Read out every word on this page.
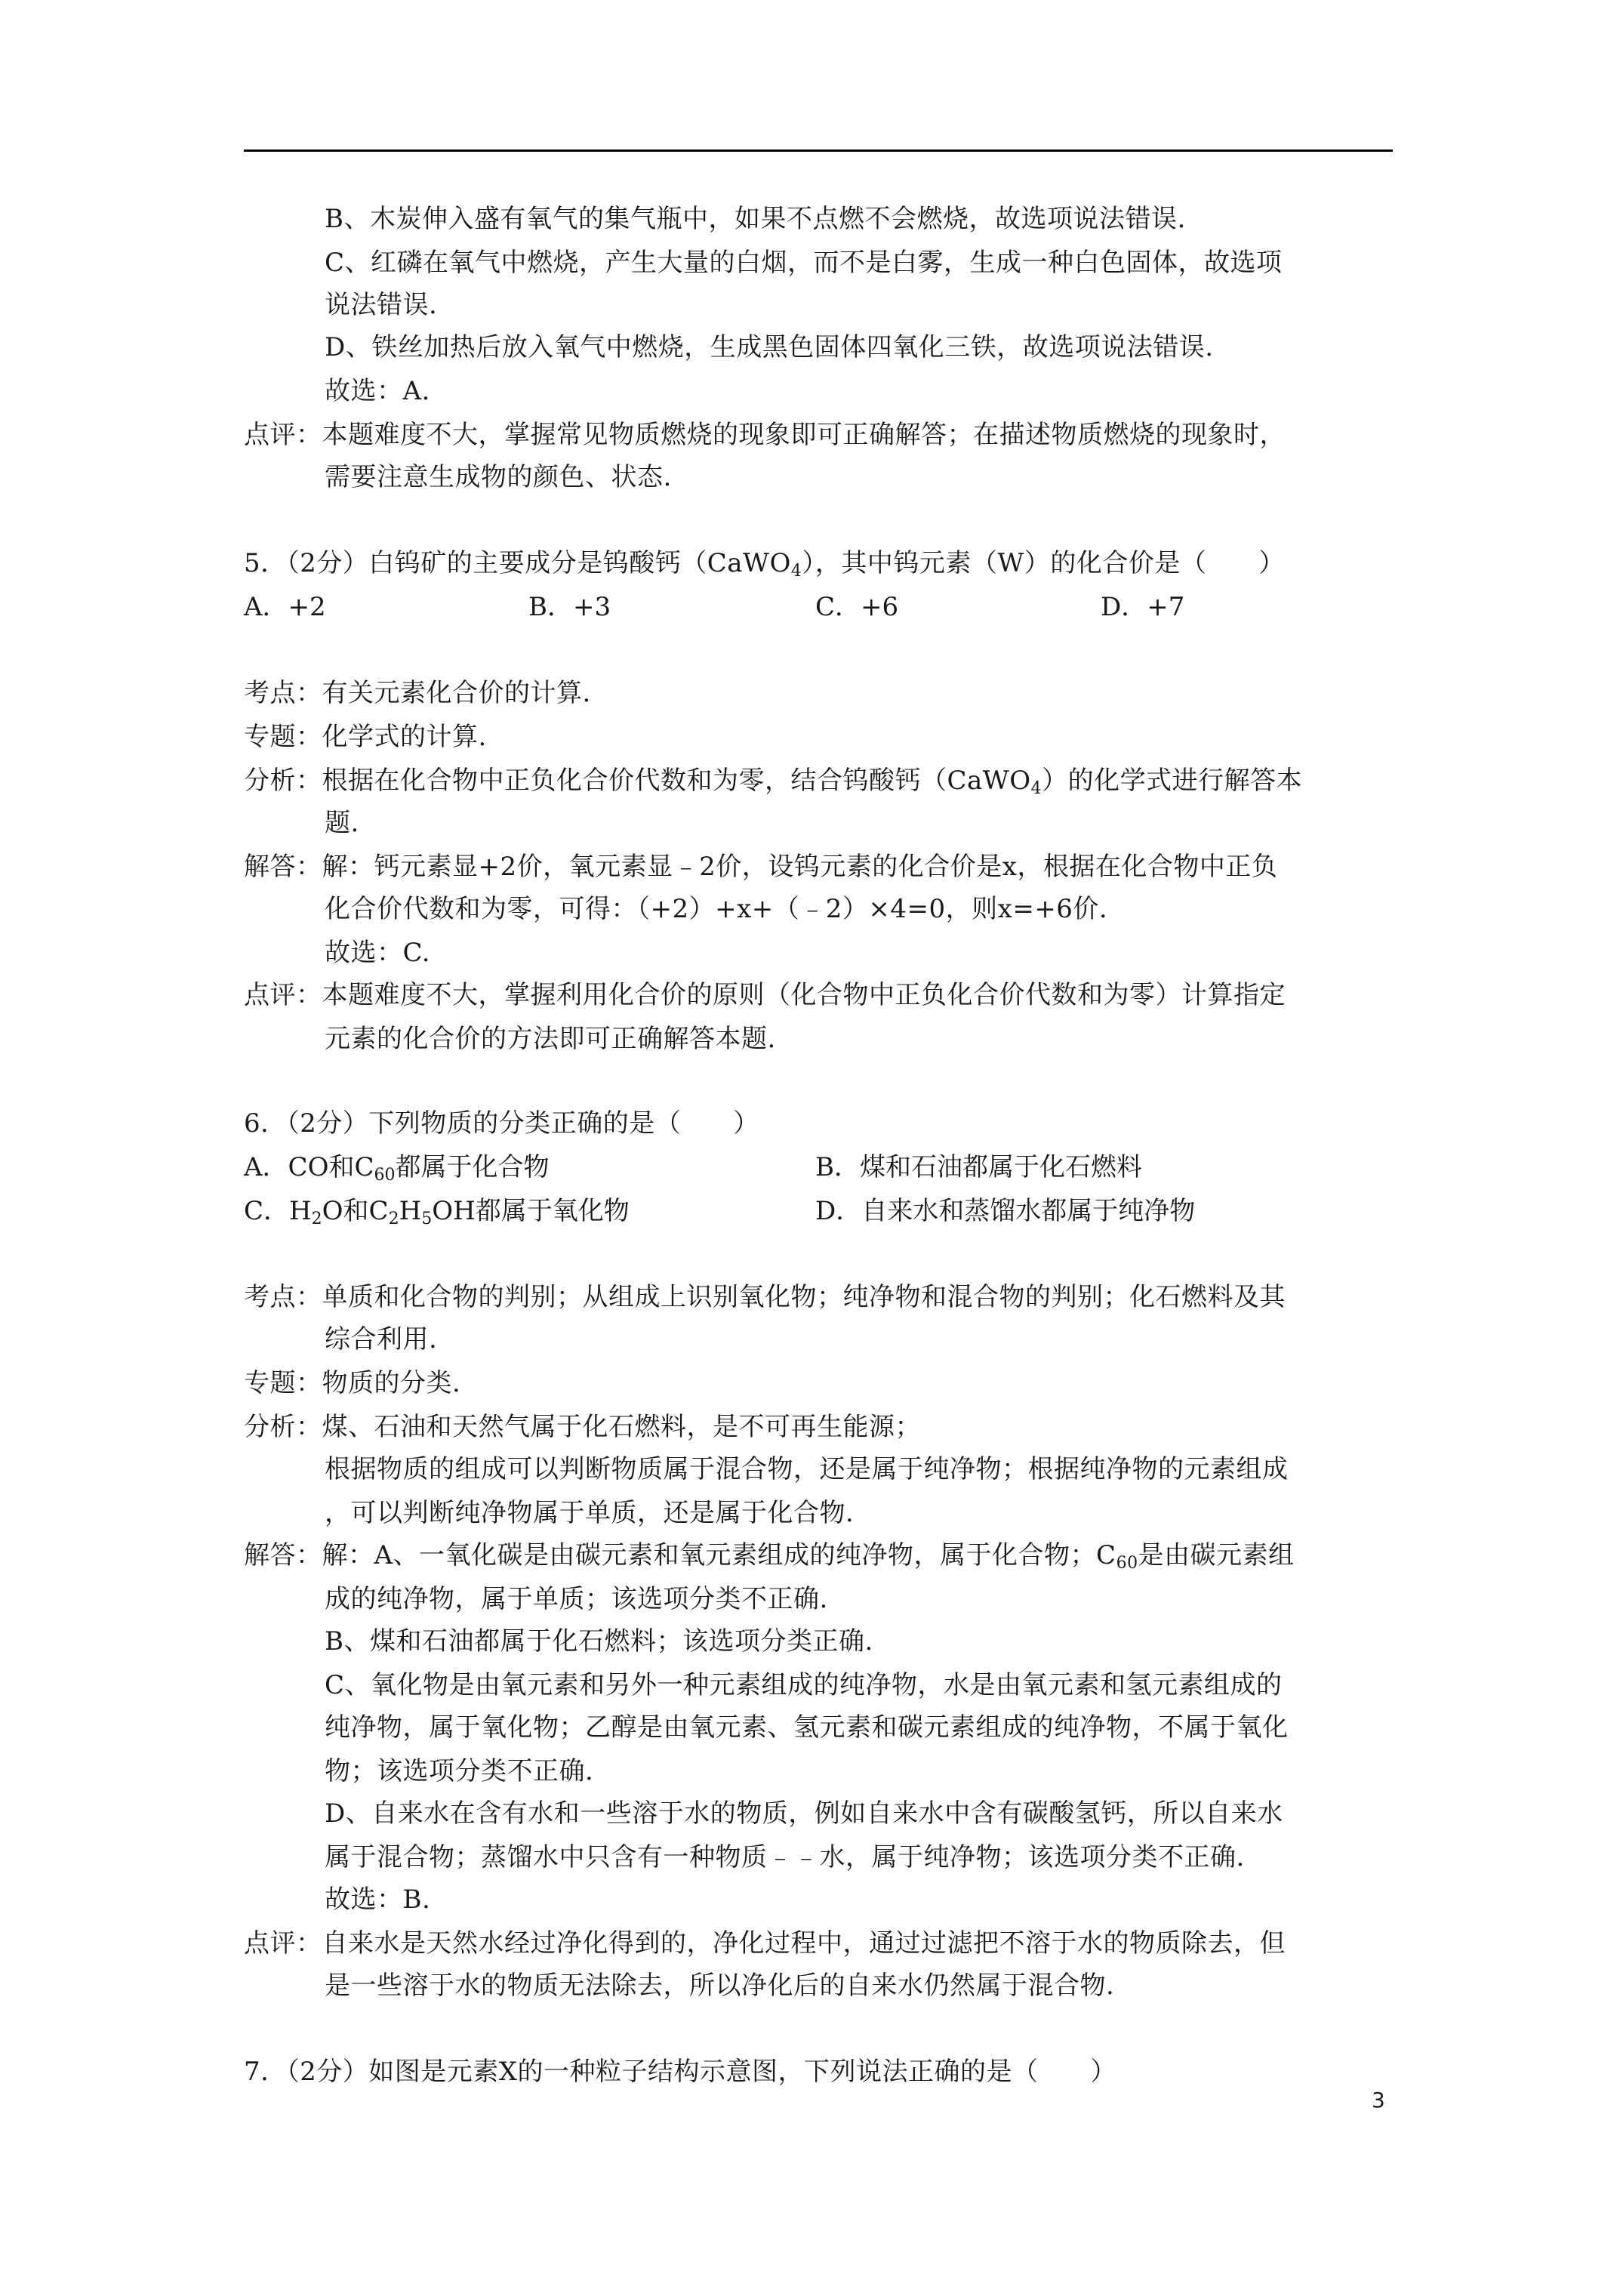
B、木炭伸入盛有氧气的集气瓶中，如果不点燃不会燃烧，故选项说法错误.
C、红磷在氧气中燃烧，产生大量的白烟，而不是白雾，生成一种白色固体，故选项
说法错误.
D、铁丝加热后放入氧气中燃烧，生成黑色固体四氧化三铁，故选项说法错误.
故选：A.
点评：本题难度不大，掌握常见物质燃烧的现象即可正确解答；在描述物质燃烧的现象时，
需要注意生成物的颜色、状态.
5．（2分）白钨矿的主要成分是钨酸钙（CaWO$_4$），其中钨元素（W）的化合价是（　　）
A．+2	B．+3	C．+6	D．+7
考点：有关元素化合价的计算.
专题：化学式的计算.
分析：根据在化合物中正负化合价代数和为零，结合钨酸钙（CaWO$_4$）的化学式进行解答本
题.
解答：解：钙元素显+2价，氧元素显﹣2价，设钨元素的化合价是x，根据在化合物中正负
化合价代数和为零，可得：（+2）+x+（﹣2）×4=0，则x=+6价.
故选：C.
点评：本题难度不大，掌握利用化合价的原则（化合物中正负化合价代数和为零）计算指定
元素的化合价的方法即可正确解答本题.
6．（2分）下列物质的分类正确的是（　　）
A．CO和$C_{60}$都属于化合物	B．煤和石油都属于化石燃料
C．$H_2O$和$C_2H_5OH$都属于氧化物	D．自来水和蒸馏水都属于纯净物
考点：单质和化合物的判别；从组成上识别氧化物；纯净物和混合物的判别；化石燃料及其
综合利用.
专题：物质的分类.
分析：煤、石油和天然气属于化石燃料，是不可再生能源；
根据物质的组成可以判断物质属于混合物，还是属于纯净物；根据纯净物的元素组成
，可以判断纯净物属于单质，还是属于化合物.
解答：解：A、一氧化碳是由碳元素和氧元素组成的纯净物，属于化合物；$C_{60}$是由碳元素组
成的纯净物，属于单质；该选项分类不正确.
B、煤和石油都属于化石燃料；该选项分类正确.
C、氧化物是由氧元素和另外一种元素组成的纯净物，水是由氧元素和氢元素组成的
纯净物，属于氧化物；乙醇是由氧元素、氢元素和碳元素组成的纯净物，不属于氧化
物；该选项分类不正确.
D、自来水在含有水和一些溶于水的物质，例如自来水中含有碳酸氢钙，所以自来水
属于混合物；蒸馏水中只含有一种物质﹣﹣水，属于纯净物；该选项分类不正确.
故选：B.
点评：自来水是天然水经过净化得到的，净化过程中，通过过滤把不溶于水的物质除去，但
是一些溶于水的物质无法除去，所以净化后的自来水仍然属于混合物.
7．（2分）如图是元素X的一种粒子结构示意图，下列说法正确的是（　　）
3
